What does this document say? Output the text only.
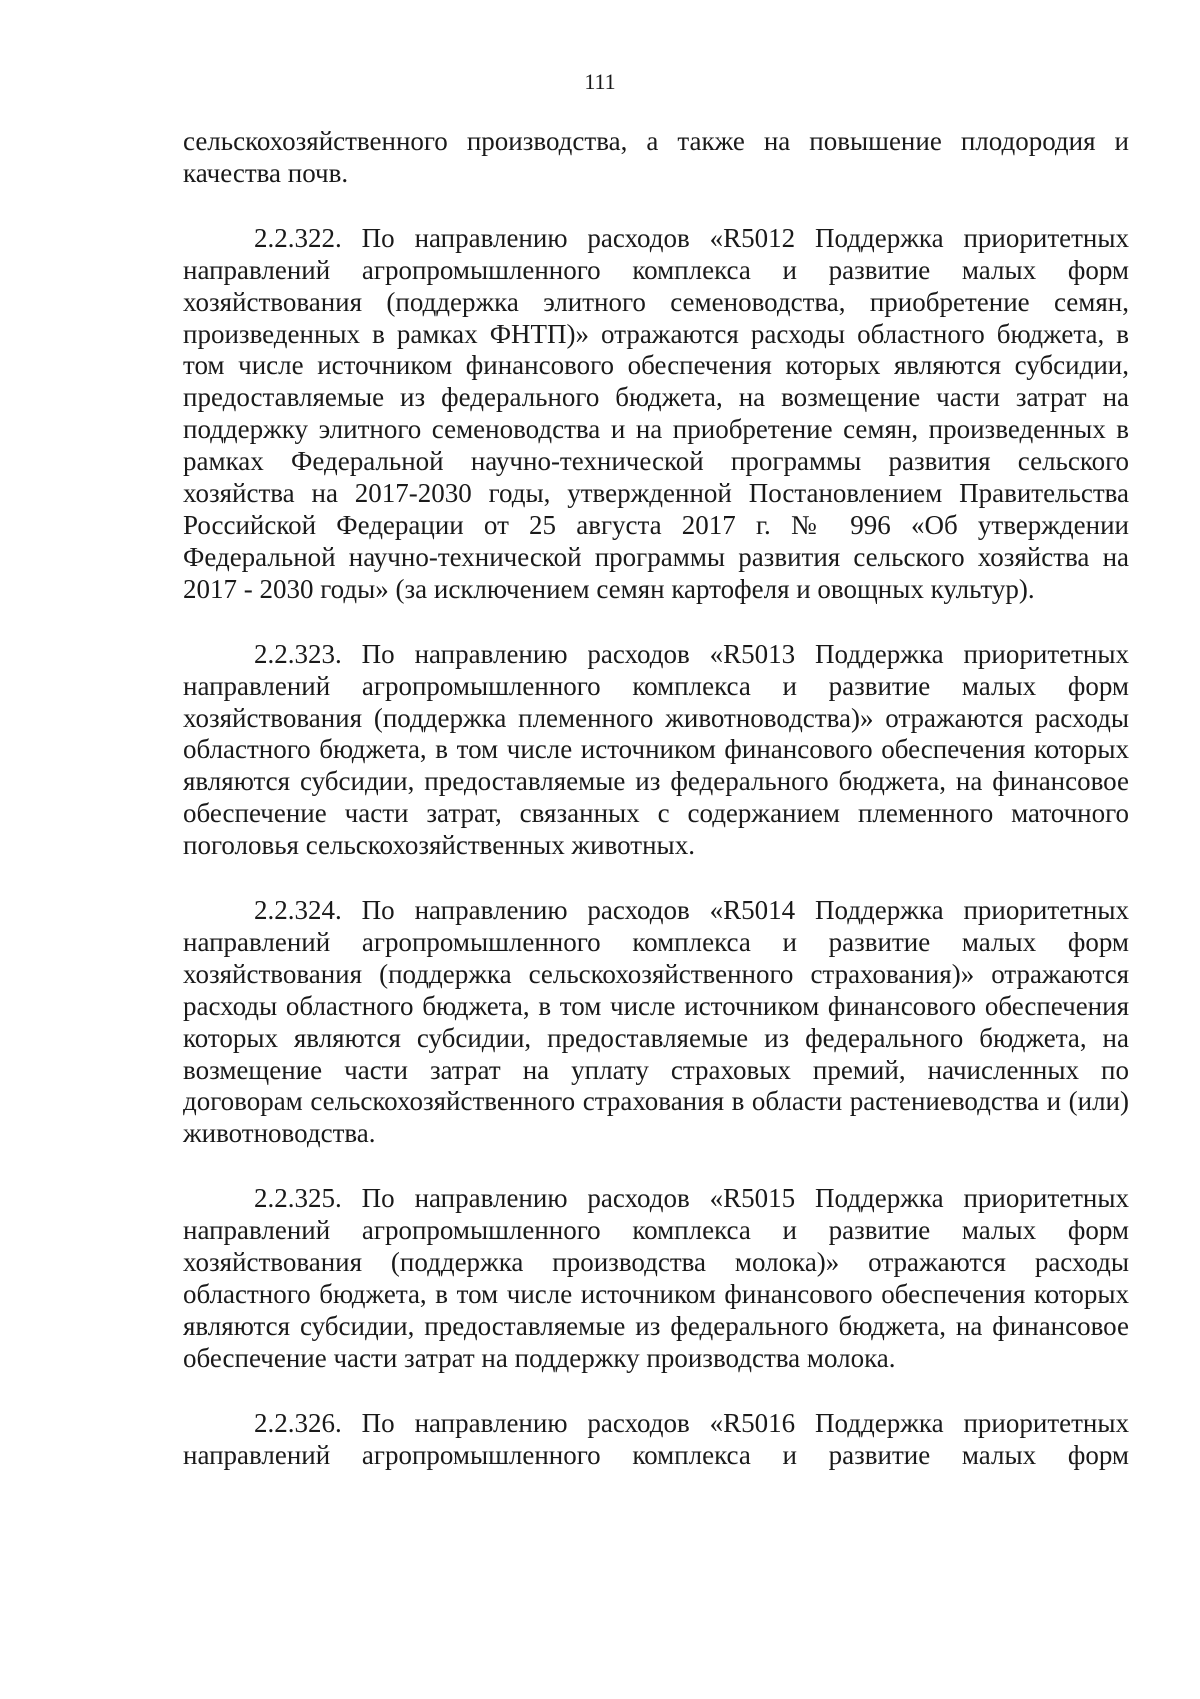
111

сельскохозяйственного производства, а также на повышение плодородия и качества почв.

2.2.322. По направлению расходов «R5012 Поддержка приоритетных направлений агропромышленного комплекса и развитие малых форм хозяйствования (поддержка элитного семеноводства, приобретение семян, произведенных в рамках ФНТП)» отражаются расходы областного бюджета, в том числе источником финансового обеспечения которых являются субсидии, предоставляемые из федерального бюджета, на возмещение части затрат на поддержку элитного семеноводства и на приобретение семян, произведенных в рамках Федеральной научно-технической программы развития сельского хозяйства на 2017-2030 годы, утвержденной Постановлением Правительства Российской Федерации от 25 августа 2017 г. № 996 «Об утверждении Федеральной научно-технической программы развития сельского хозяйства на 2017 - 2030 годы» (за исключением семян картофеля и овощных культур).

2.2.323. По направлению расходов «R5013 Поддержка приоритетных направлений агропромышленного комплекса и развитие малых форм хозяйствования (поддержка племенного животноводства)» отражаются расходы областного бюджета, в том числе источником финансового обеспечения которых являются субсидии, предоставляемые из федерального бюджета, на финансовое обеспечение части затрат, связанных с содержанием племенного маточного поголовья сельскохозяйственных животных.

2.2.324. По направлению расходов «R5014 Поддержка приоритетных направлений агропромышленного комплекса и развитие малых форм хозяйствования (поддержка сельскохозяйственного страхования)» отражаются расходы областного бюджета, в том числе источником финансового обеспечения которых являются субсидии, предоставляемые из федерального бюджета, на возмещение части затрат на уплату страховых премий, начисленных по договорам сельскохозяйственного страхования в области растениеводства и (или) животноводства.

2.2.325. По направлению расходов «R5015 Поддержка приоритетных направлений агропромышленного комплекса и развитие малых форм хозяйствования (поддержка производства молока)» отражаются расходы областного бюджета, в том числе источником финансового обеспечения которых являются субсидии, предоставляемые из федерального бюджета, на финансовое обеспечение части затрат на поддержку производства молока.

2.2.326. По направлению расходов «R5016 Поддержка приоритетных направлений агропромышленного комплекса и развитие малых форм
